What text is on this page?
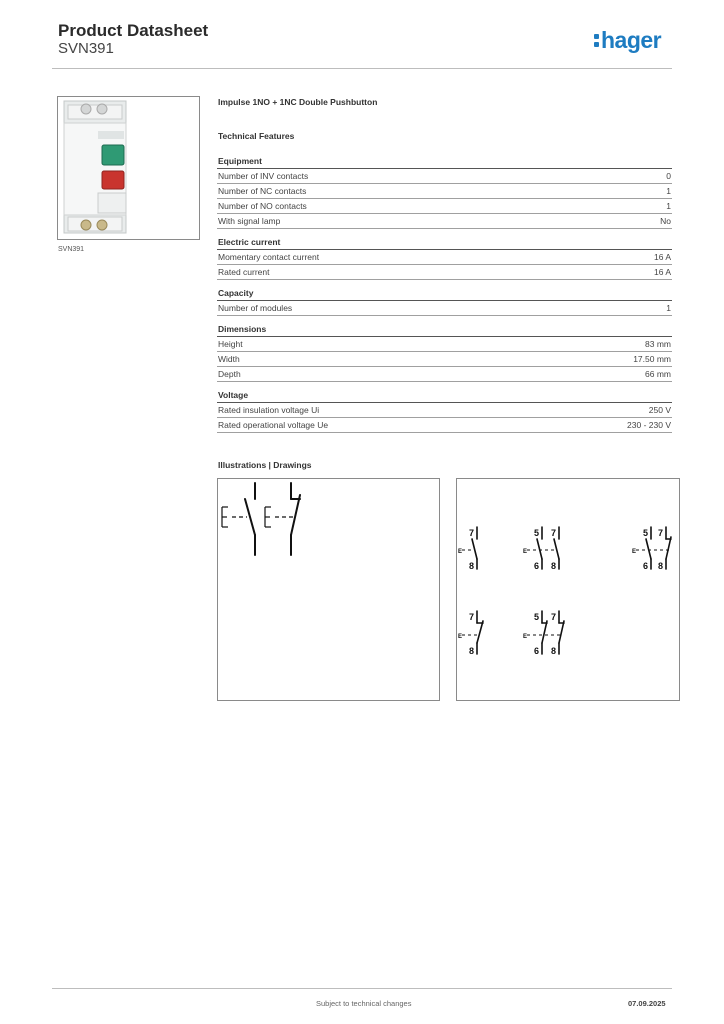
Product Datasheet
SVN391	hager
SVN391
Impulse 1NO + 1NC Double Pushbutton
Technical Features
Equipment
Number of INV contacts	0
Number of NC contacts	1
Number of NO contacts	1
With signal lamp	No
Electric current
Momentary contact current	16 A
Rated current	16 A
Capacity
Number of modules	1
Dimensions
Height	83 mm
Width	17.50 mm
Depth	66 mm
Voltage
Rated insulation voltage Ui	250 V
Rated operational voltage Ue	230 - 230 V
Illustrations | Drawings
7
8
E
5
6
7
8
E
5
6
7
8
E
7
8
E
5
6
7
8
E
Subject to technical changes	07.09.2025
